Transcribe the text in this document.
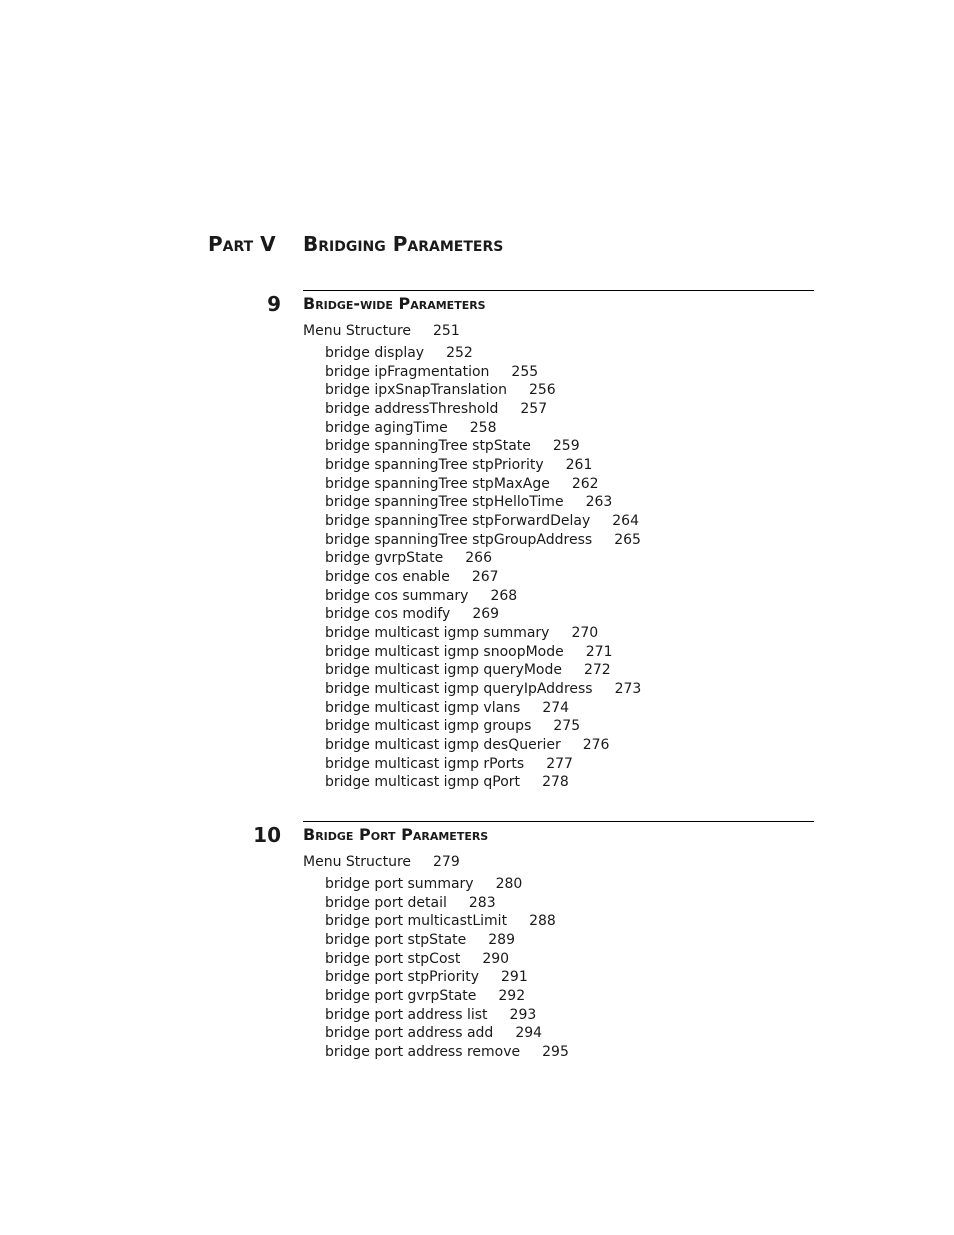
Part V Bridging Parameters
9 Bridge-wide Parameters
Menu Structure 251
bridge display 252
bridge ipFragmentation 255
bridge ipxSnapTranslation 256
bridge addressThreshold 257
bridge agingTime 258
bridge spanningTree stpState 259
bridge spanningTree stpPriority 261
bridge spanningTree stpMaxAge 262
bridge spanningTree stpHelloTime 263
bridge spanningTree stpForwardDelay 264
bridge spanningTree stpGroupAddress 265
bridge gvrpState 266
bridge cos enable 267
bridge cos summary 268
bridge cos modify 269
bridge multicast igmp summary 270
bridge multicast igmp snoopMode 271
bridge multicast igmp queryMode 272
bridge multicast igmp queryIpAddress 273
bridge multicast igmp vlans 274
bridge multicast igmp groups 275
bridge multicast igmp desQuerier 276
bridge multicast igmp rPorts 277
bridge multicast igmp qPort 278
10 Bridge Port Parameters
Menu Structure 279
bridge port summary 280
bridge port detail 283
bridge port multicastLimit 288
bridge port stpState 289
bridge port stpCost 290
bridge port stpPriority 291
bridge port gvrpState 292
bridge port address list 293
bridge port address add 294
bridge port address remove 295
